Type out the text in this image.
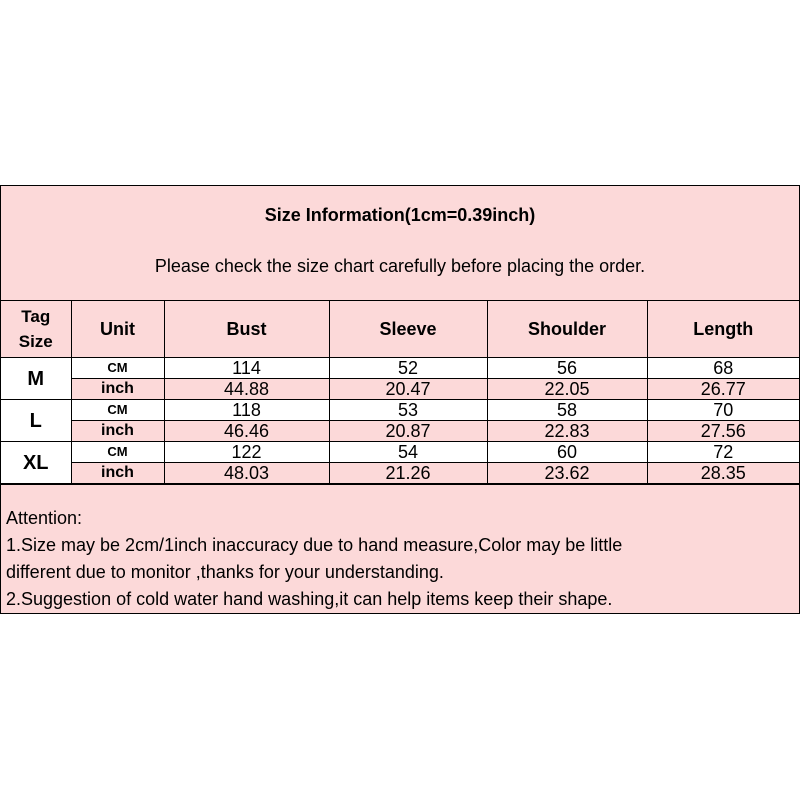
Size Information(1cm=0.39inch)
Please check the size chart carefully before placing the order.
Tag
Size	Unit	Bust	Sleeve	Shoulder	Length
M	CM	114	52	56	68
	inch	44.88	20.47	22.05	26.77
L	CM	118	53	58	70
	inch	46.46	20.87	22.83	27.56
XL	CM	122	54	60	72
	inch	48.03	21.26	23.62	28.35
Attention:
1.Size may be 2cm/1inch inaccuracy due to hand measure,Color may be little
different due to monitor ,thanks for your understanding.
2.Suggestion of cold water hand washing,it can help items keep their shape.
